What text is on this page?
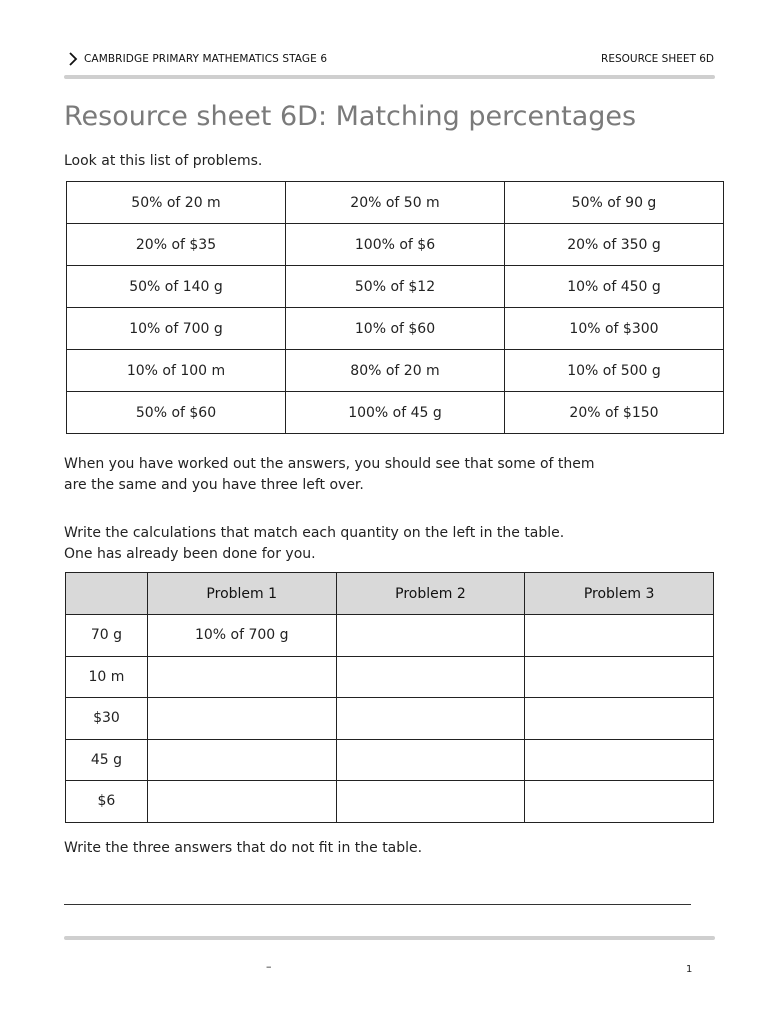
CAMBRIDGE PRIMARY MATHEMATICS STAGE 6	RESOURCE SHEET 6D
Resource sheet 6D: Matching percentages

Look at this list of problems.

50% of 20 m	20% of 50 m	50% of 90 g
20% of $35	100% of $6	20% of 350 g
50% of 140 g	50% of $12	10% of 450 g
10% of 700 g	10% of $60	10% of $300
10% of 100 m	80% of 20 m	10% of 500 g
50% of $60	100% of 45 g	20% of $150

When you have worked out the answers, you should see that some of them

are the same and you have three left over.

Write the calculations that match each quantity on the left in the table.

One has already been done for you.

	Problem 1	Problem 2	Problem 3
70 g	10% of 700 g		
10 m			
$30			
45 g			
$6			

Write the three answers that do not fit in the table.

–	1
